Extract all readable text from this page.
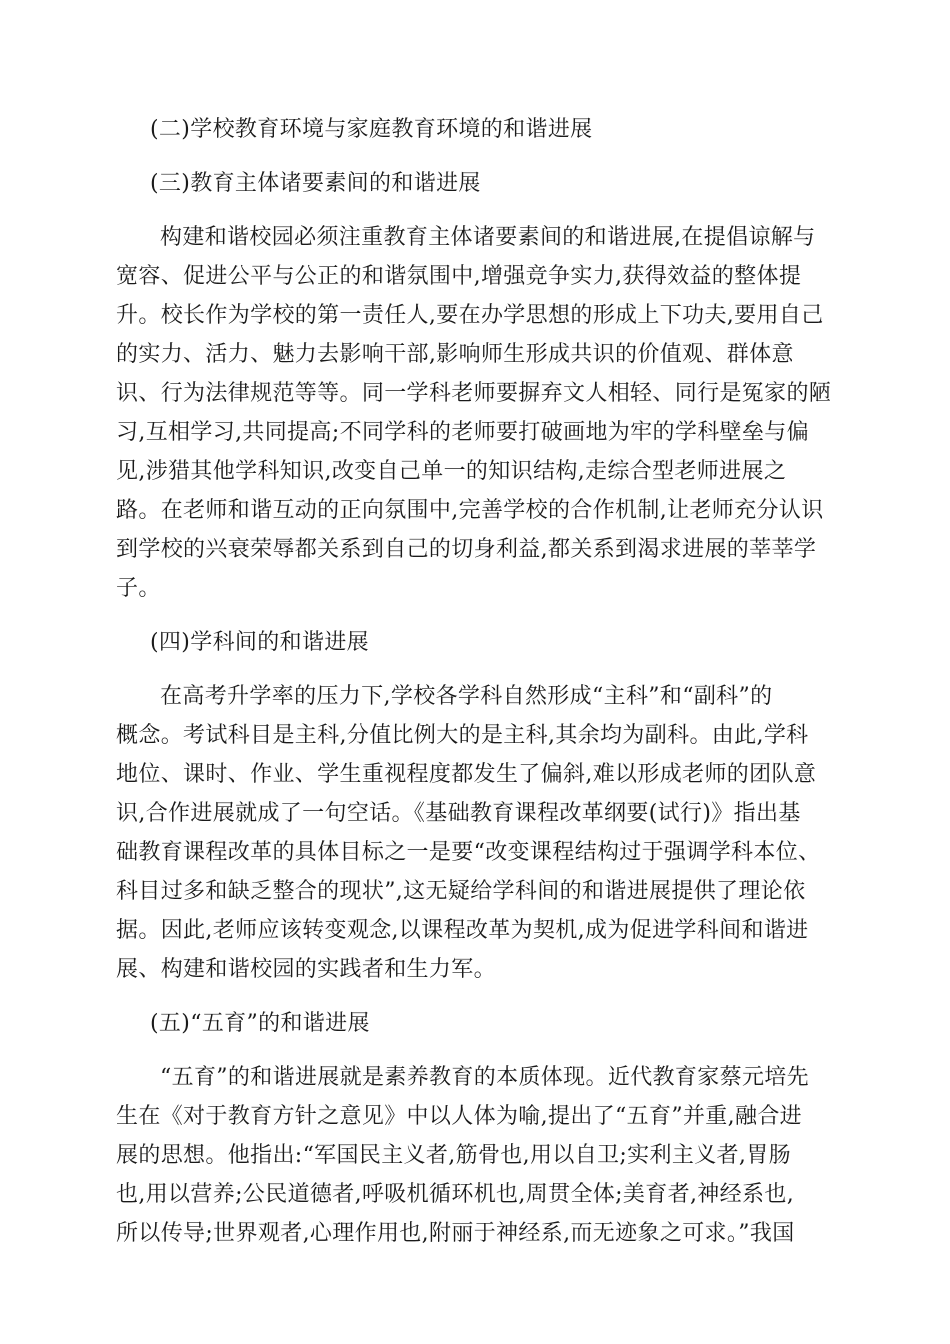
(二)学校教育环境与家庭教育环境的和谐进展
(三)教育主体诸要素间的和谐进展
构建和谐校园必须注重教育主体诸要素间的和谐进展,在提倡谅解与
宽容、促进公平与公正的和谐氛围中,增强竞争实力,获得效益的整体提
升。校长作为学校的第一责任人,要在办学思想的形成上下功夫,要用自己
的实力、活力、魅力去影响干部,影响师生形成共识的价值观、群体意
识、行为法律规范等等。同一学科老师要摒弃文人相轻、同行是冤家的陋
习,互相学习,共同提高;不同学科的老师要打破画地为牢的学科壁垒与偏
见,涉猎其他学科知识,改变自己单一的知识结构,走综合型老师进展之
路。在老师和谐互动的正向氛围中,完善学校的合作机制,让老师充分认识
到学校的兴衰荣辱都关系到自己的切身利益,都关系到渴求进展的莘莘学
子。
(四)学科间的和谐进展
在高考升学率的压力下,学校各学科自然形成“主科”和“副科”的
概念。考试科目是主科,分值比例大的是主科,其余均为副科。由此,学科
地位、课时、作业、学生重视程度都发生了偏斜,难以形成老师的团队意
识,合作进展就成了一句空话。《基础教育课程改革纲要(试行)》指出基
础教育课程改革的具体目标之一是要“改变课程结构过于强调学科本位、
科目过多和缺乏整合的现状”,这无疑给学科间的和谐进展提供了理论依
据。因此,老师应该转变观念,以课程改革为契机,成为促进学科间和谐进
展、构建和谐校园的实践者和生力军。
(五)“五育”的和谐进展
“五育”的和谐进展就是素养教育的本质体现。近代教育家蔡元培先
生在《对于教育方针之意见》中以人体为喻,提出了“五育”并重,融合进
展的思想。他指出:“军国民主义者,筋骨也,用以自卫;实利主义者,胃肠
也,用以营养;公民道德者,呼吸机循环机也,周贯全体;美育者,神经系也,
所以传导;世界观者,心理作用也,附丽于神经系,而无迹象之可求。”我国
